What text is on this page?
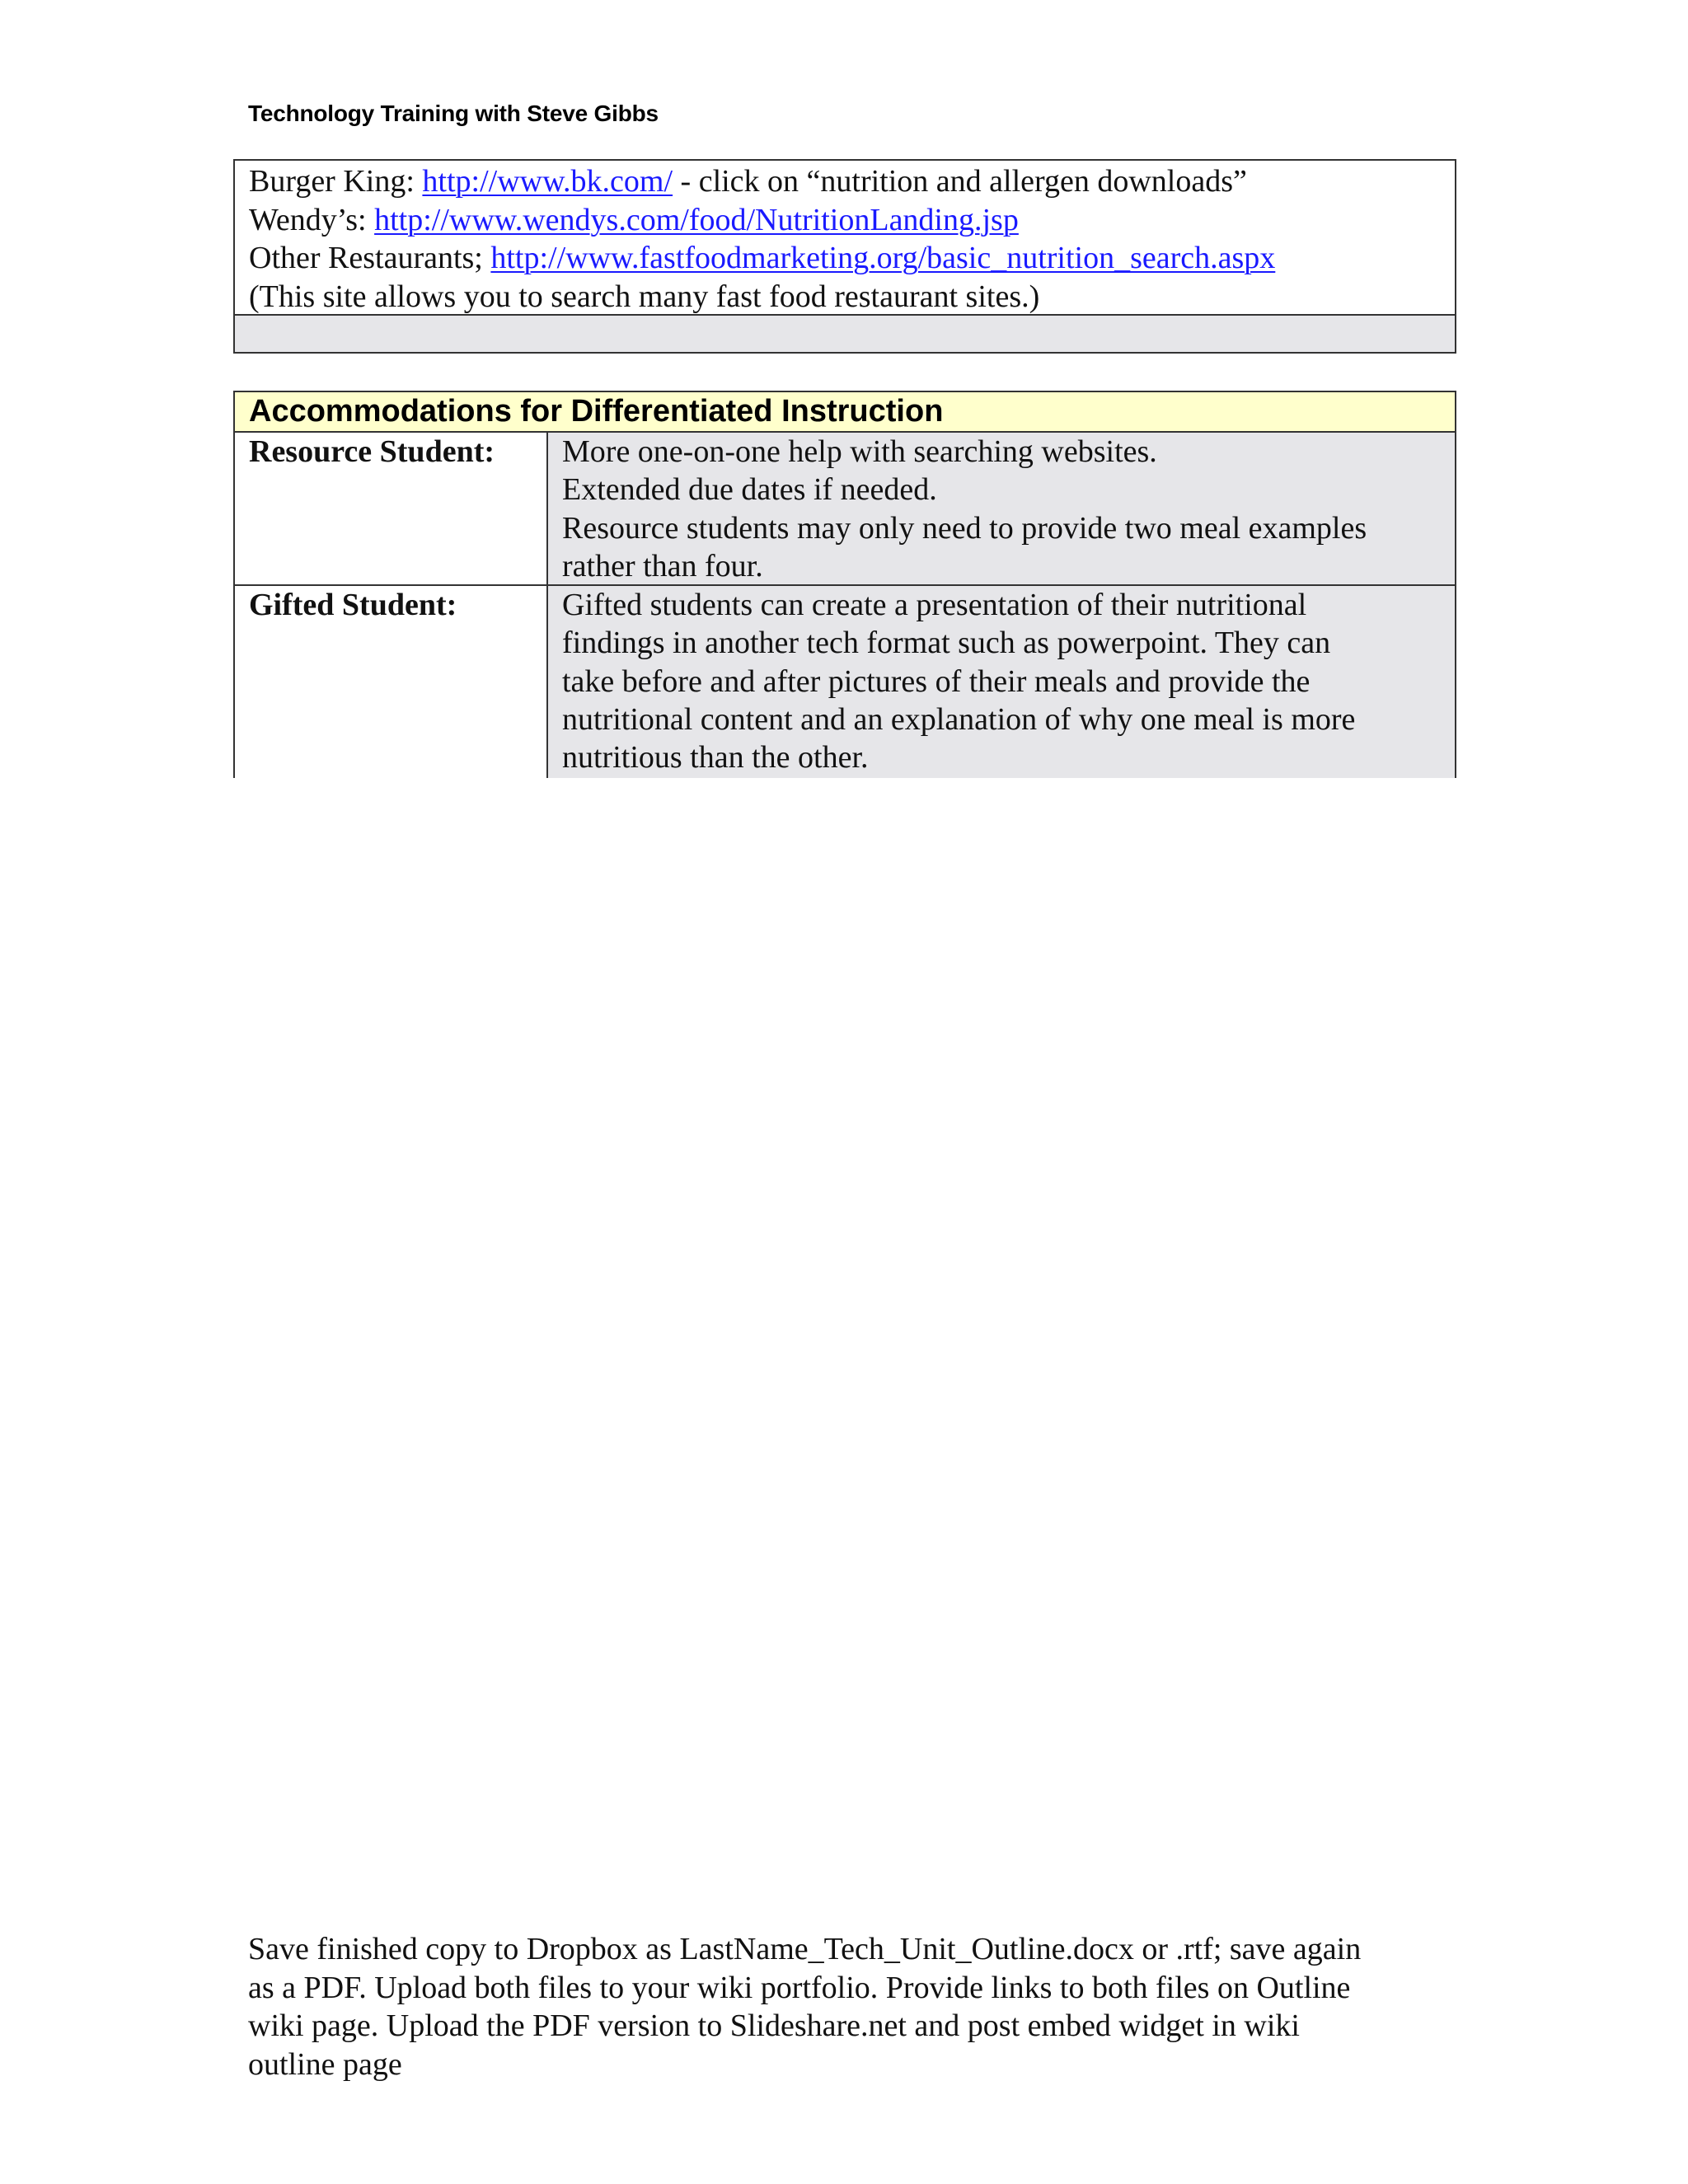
Technology Training with Steve Gibbs
Burger King: http://www.bk.com/ - click on “nutrition and allergen downloads”
Wendy’s: http://www.wendys.com/food/NutritionLanding.jsp
Other Restaurants; http://www.fastfoodmarketing.org/basic_nutrition_search.aspx
(This site allows you to search many fast food restaurant sites.)
Accommodations for Differentiated Instruction
Resource Student:	More one-on-one help with searching websites.
Extended due dates if needed.
Resource students may only need to provide two meal examples
rather than four.
Gifted Student:	Gifted students can create a presentation of their nutritional
findings in another tech format such as powerpoint. They can
take before and after pictures of their meals and provide the
nutritional content and an explanation of why one meal is more
nutritious than the other.
Save finished copy to Dropbox as LastName_Tech_Unit_Outline.docx or .rtf; save again
as a PDF. Upload both files to your wiki portfolio. Provide links to both files on Outline
wiki page. Upload the PDF version to Slideshare.net and post embed widget in wiki
outline page
